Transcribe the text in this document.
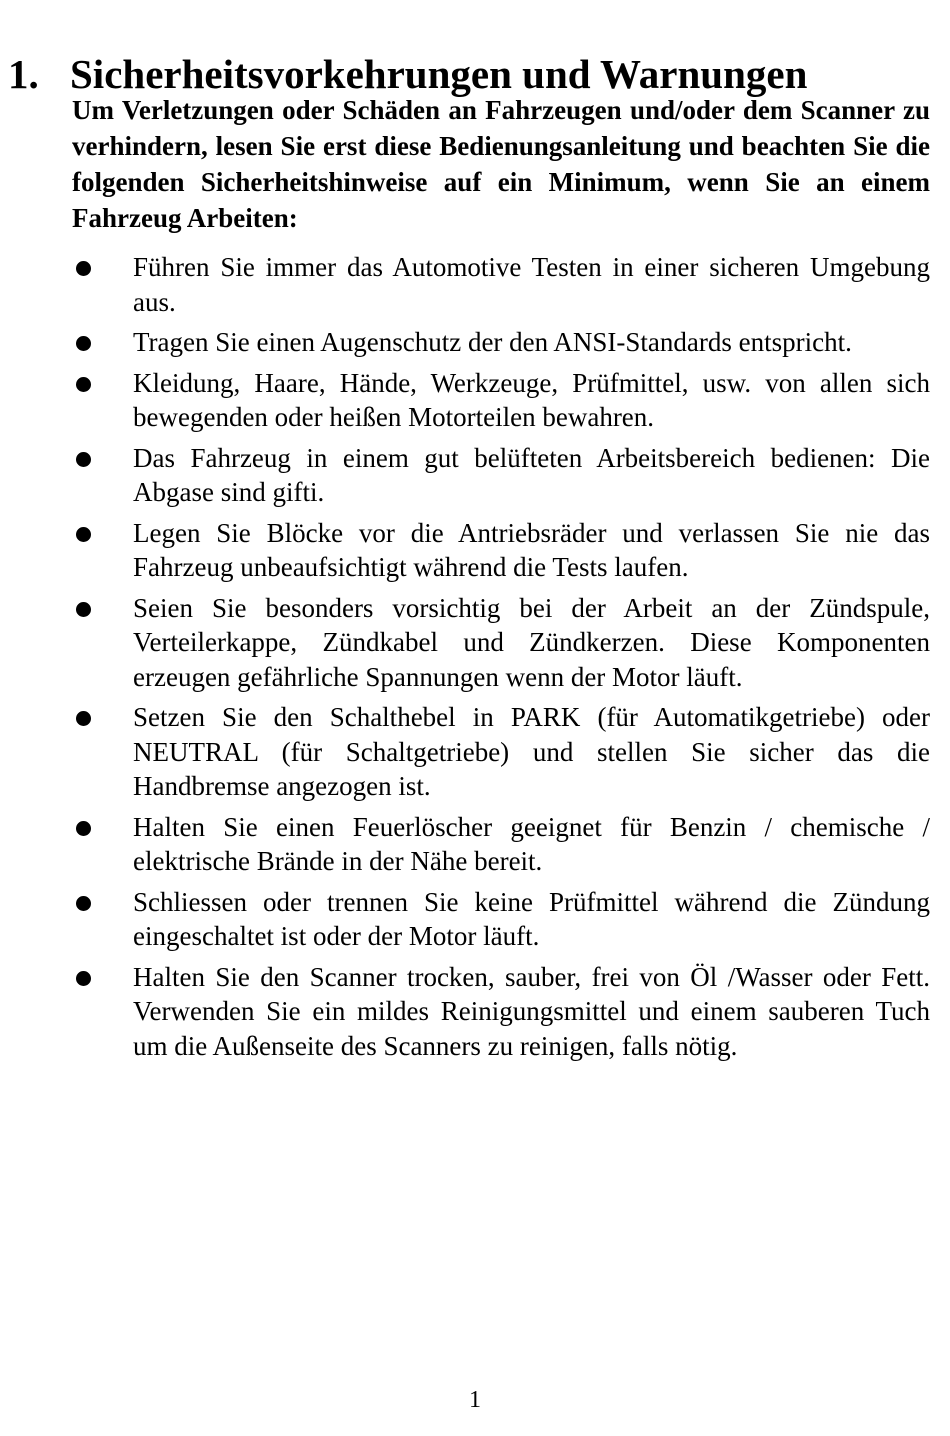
1. Sicherheitsvorkehrungen und Warnungen

Um Verletzungen oder Schäden an Fahrzeugen und/oder dem Scanner zu verhindern, lesen Sie erst diese Bedienungsanleitung und beachten Sie die folgenden Sicherheitshinweise auf ein Minimum, wenn Sie an einem Fahrzeug Arbeiten:

Führen Sie immer das Automotive Testen in einer sicheren Umgebung aus.
Tragen Sie einen Augenschutz der den ANSI-Standards entspricht.
Kleidung, Haare, Hände, Werkzeuge, Prüfmittel, usw. von allen sich bewegenden oder heißen Motorteilen bewahren.
Das Fahrzeug in einem gut belüfteten Arbeitsbereich bedienen: Die Abgase sind gifti.
Legen Sie Blöcke vor die Antriebsräder und verlassen Sie nie das Fahrzeug unbeaufsichtigt während die Tests laufen.
Seien Sie besonders vorsichtig bei der Arbeit an der Zündspule, Verteilerkappe, Zündkabel und Zündkerzen. Diese Komponenten erzeugen gefährliche Spannungen wenn der Motor läuft.
Setzen Sie den Schalthebel in PARK (für Automatikgetriebe) oder NEUTRAL (für Schaltgetriebe) und stellen Sie sicher das die Handbremse angezogen ist.
Halten Sie einen Feuerlöscher geeignet für Benzin / chemische / elektrische Brände in der Nähe bereit.
Schliessen oder trennen Sie keine Prüfmittel während die Zündung eingeschaltet ist oder der Motor läuft.
Halten Sie den Scanner trocken, sauber, frei von Öl /Wasser oder Fett. Verwenden Sie ein mildes Reinigungsmittel und einem sauberen Tuch um die Außenseite des Scanners zu reinigen, falls nötig.
1
